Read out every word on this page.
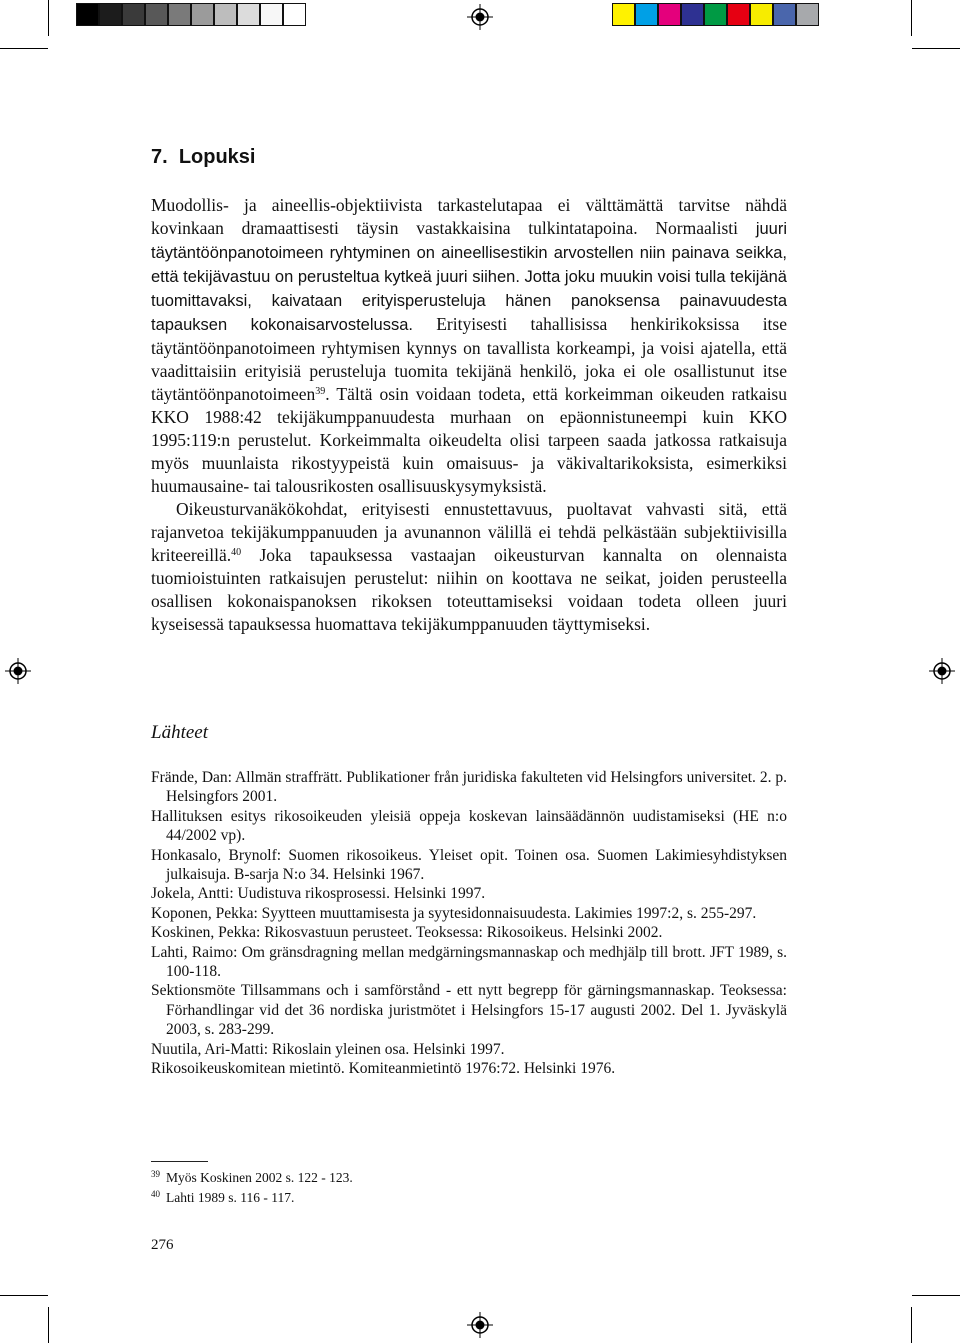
7. Lopuksi

Muodollis- ja aineellis-objektiivista tarkastelutapaa ei välttämättä tarvitse nähdä kovinkaan dramaattisesti täysin vastakkaisina tulkintatapoina. Normaalisti juuri täytäntöönpanotoimeen ryhtyminen on aineellisestikin arvostellen niin painava seikka, että tekijävastuu on perusteltua kytkeä juuri siihen. Jotta joku muukin voisi tulla tekijänä tuomittavaksi, kaivataan erityisperusteluja hänen panoksensa painavuudesta tapauksen kokonaisarvostelussa. Erityisesti tahallisissa henkirikoksissa itse täytäntöönpanotoimeen ryhtymisen kynnys on tavallista korkeampi, ja voisi ajatella, että vaadittaisiin erityisiä perusteluja tuomita tekijänä henkilö, joka ei ole osallistunut itse täytäntöönpanotoimeen$^{39}$. Tältä osin voidaan todeta, että korkeimman oikeuden ratkaisu KKO 1988:42 tekijäkumppanuudesta murhaan on epäonnistuneempi kuin KKO 1995:119:n perustelut. Korkeimmalta oikeudelta olisi tarpeen saada jatkossa ratkaisuja myös muunlaista rikostyypeistä kuin omaisuus- ja väkivaltarikoksista, esimerkiksi huumausaine- tai talousrikosten osallisuuskysymyksistä.

Oikeusturvanäkökohdat, erityisesti ennustettavuus, puoltavat vahvasti sitä, että rajanvetoa tekijäkumppanuuden ja avunannon välillä ei tehdä pelkästään subjektiivisilla kriteereillä.$^{40}$ Joka tapauksessa vastaajan oikeusturvan kannalta on olennaista tuomioistuinten ratkaisujen perustelut: niihin on koottava ne seikat, joiden perusteella osallisen kokonaispanoksen rikoksen toteuttamiseksi voidaan todeta olleen juuri kyseisessä tapauksessa huomattava tekijäkumppanuuden täyttymiseksi.

Lähteet
Frände, Dan: Allmän straffrätt. Publikationer från juridiska fakulteten vid Helsingfors universitet. 2. p. Helsingfors 2001.
Hallituksen esitys rikosoikeuden yleisiä oppeja koskevan lainsäädännön uudistamiseksi (HE n:o 44/2002 vp).
Honkasalo, Brynolf: Suomen rikosoikeus. Yleiset opit. Toinen osa. Suomen Lakimiesyhdistyksen julkaisuja. B-sarja N:o 34. Helsinki 1967.
Jokela, Antti: Uudistuva rikosprosessi. Helsinki 1997.
Koponen, Pekka: Syytteen muuttamisesta ja syytesidonnaisuudesta. Lakimies 1997:2, s. 255-297.
Koskinen, Pekka: Rikosvastuun perusteet. Teoksessa: Rikosoikeus. Helsinki 2002.
Lahti, Raimo: Om gränsdragning mellan medgärningsmannaskap och medhjälp till brott. JFT 1989, s. 100-118.
Sektionsmöte Tillsammans och i samförstånd - ett nytt begrepp för gärningsmannaskap. Teoksessa: Förhandlingar vid det 36 nordiska juristmötet i Helsingfors 15-17 augusti 2002. Del 1. Jyväskylä 2003, s. 283-299.
Nuutila, Ari-Matti: Rikoslain yleinen osa. Helsinki 1997.
Rikosoikeuskomitean mietintö. Komiteanmietintö 1976:72. Helsinki 1976.
39 Myös Koskinen 2002 s. 122 - 123.
40 Lahti 1989 s. 116 - 117.
276
